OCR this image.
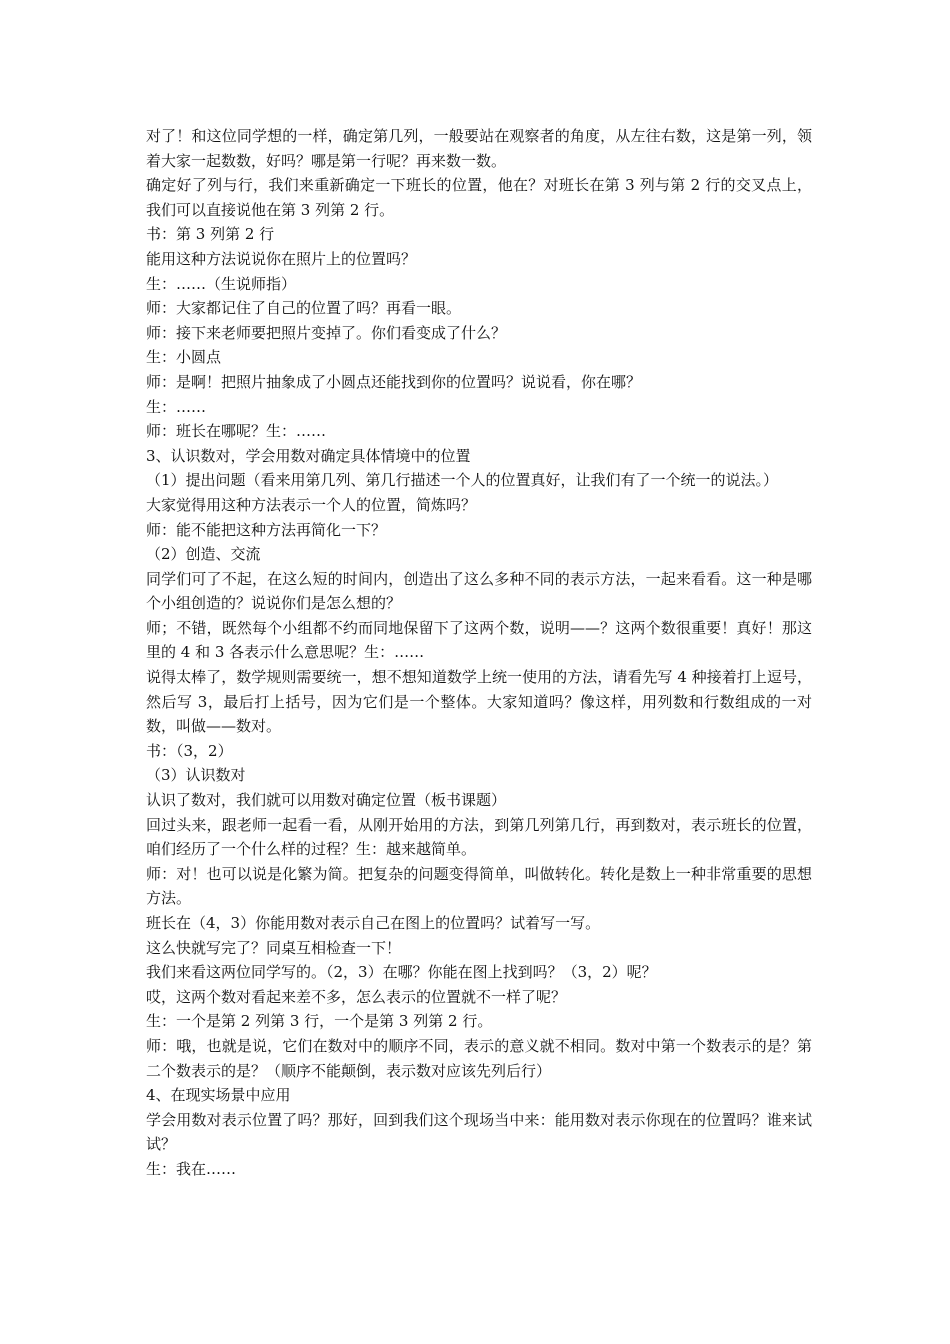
对了！和这位同学想的一样，确定第几列，一般要站在观察者的角度，从左往右数，这是第一列，领着大家一起数数，好吗？哪是第一行呢？再来数一数。

确定好了列与行，我们来重新确定一下班长的位置，他在？对班长在第 3 列与第 2 行的交叉点上，我们可以直接说他在第 3 列第 2 行。

书：第 3 列第 2 行

能用这种方法说说你在照片上的位置吗？

生：……（生说师指）

师：大家都记住了自己的位置了吗？再看一眼。

师：接下来老师要把照片变掉了。你们看变成了什么？

生：小圆点

师：是啊！把照片抽象成了小圆点还能找到你的位置吗？说说看，你在哪？

生：……

师：班长在哪呢？生：……

3、认识数对，学会用数对确定具体情境中的位置

（1）提出问题（看来用第几列、第几行描述一个人的位置真好，让我们有了一个统一的说法。）

大家觉得用这种方法表示一个人的位置，简炼吗？

师：能不能把这种方法再简化一下？

（2）创造、交流

同学们可了不起，在这么短的时间内，创造出了这么多种不同的表示方法，一起来看看。这一种是哪个小组创造的？说说你们是怎么想的？

师；不错，既然每个小组都不约而同地保留下了这两个数，说明——？这两个数很重要！真好！那这里的 4 和 3 各表示什么意思呢？生：……

说得太棒了，数学规则需要统一，想不想知道数学上统一使用的方法，请看先写 4 种接着打上逗号，然后写 3，最后打上括号，因为它们是一个整体。大家知道吗？像这样，用列数和行数组成的一对数，叫做——数对。

书：（3，2）

（3）认识数对

认识了数对，我们就可以用数对确定位置（板书课题）

回过头来，跟老师一起看一看，从刚开始用的方法，到第几列第几行，再到数对，表示班长的位置，咱们经历了一个什么样的过程？生：越来越简单。

师：对！也可以说是化繁为简。把复杂的问题变得简单，叫做转化。转化是数上一种非常重要的思想方法。

班长在（4，3）你能用数对表示自己在图上的位置吗？试着写一写。

这么快就写完了？同桌互相检查一下！

我们来看这两位同学写的。（2，3）在哪？你能在图上找到吗？（3，2）呢？

哎，这两个数对看起来差不多，怎么表示的位置就不一样了呢？

生：一个是第 2 列第 3 行，一个是第 3 列第 2 行。

师：哦，也就是说，它们在数对中的顺序不同，表示的意义就不相同。数对中第一个数表示的是？第二个数表示的是？（顺序不能颠倒，表示数对应该先列后行）

4、在现实场景中应用

学会用数对表示位置了吗？那好，回到我们这个现场当中来：能用数对表示你现在的位置吗？谁来试试？

生：我在……
